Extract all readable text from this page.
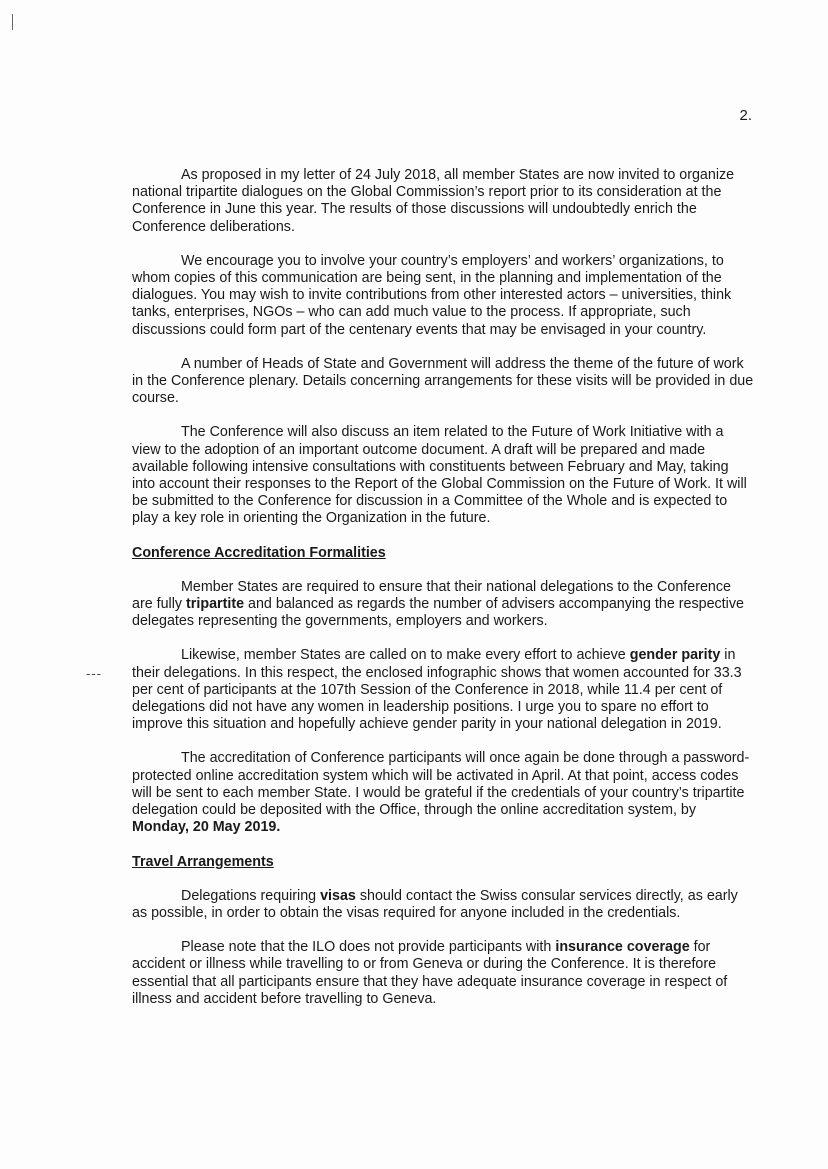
2.
---

As proposed in my letter of 24 July 2018, all member States are now invited to organize national tripartite dialogues on the Global Commission’s report prior to its consideration at the Conference in June this year. The results of those discussions will undoubtedly enrich the Conference deliberations.

We encourage you to involve your country’s employers’ and workers’ organizations, to whom copies of this communication are being sent, in the planning and implementation of the dialogues. You may wish to invite contributions from other interested actors – universities, think tanks, enterprises, NGOs – who can add much value to the process. If appropriate, such discussions could form part of the centenary events that may be envisaged in your country.

A number of Heads of State and Government will address the theme of the future of work in the Conference plenary. Details concerning arrangements for these visits will be provided in due course.

The Conference will also discuss an item related to the Future of Work Initiative with a view to the adoption of an important outcome document. A draft will be prepared and made available following intensive consultations with constituents between February and May, taking into account their responses to the Report of the Global Commission on the Future of Work. It will be submitted to the Conference for discussion in a Committee of the Whole and is expected to play a key role in orienting the Organization in the future.

Conference Accreditation Formalities

Member States are required to ensure that their national delegations to the Conference are fully tripartite and balanced as regards the number of advisers accompanying the respective delegates representing the governments, employers and workers.

Likewise, member States are called on to make every effort to achieve gender parity in their delegations. In this respect, the enclosed infographic shows that women accounted for 33.3 per cent of participants at the 107th Session of the Conference in 2018, while 11.4 per cent of delegations did not have any women in leadership positions. I urge you to spare no effort to improve this situation and hopefully achieve gender parity in your national delegation in 2019.

The accreditation of Conference participants will once again be done through a password-protected online accreditation system which will be activated in April. At that point, access codes will be sent to each member State. I would be grateful if the credentials of your country’s tripartite delegation could be deposited with the Office, through the online accreditation system, by Monday, 20 May 2019.

Travel Arrangements

Delegations requiring visas should contact the Swiss consular services directly, as early as possible, in order to obtain the visas required for anyone included in the credentials.

Please note that the ILO does not provide participants with insurance coverage for accident or illness while travelling to or from Geneva or during the Conference. It is therefore essential that all participants ensure that they have adequate insurance coverage in respect of illness and accident before travelling to Geneva.
